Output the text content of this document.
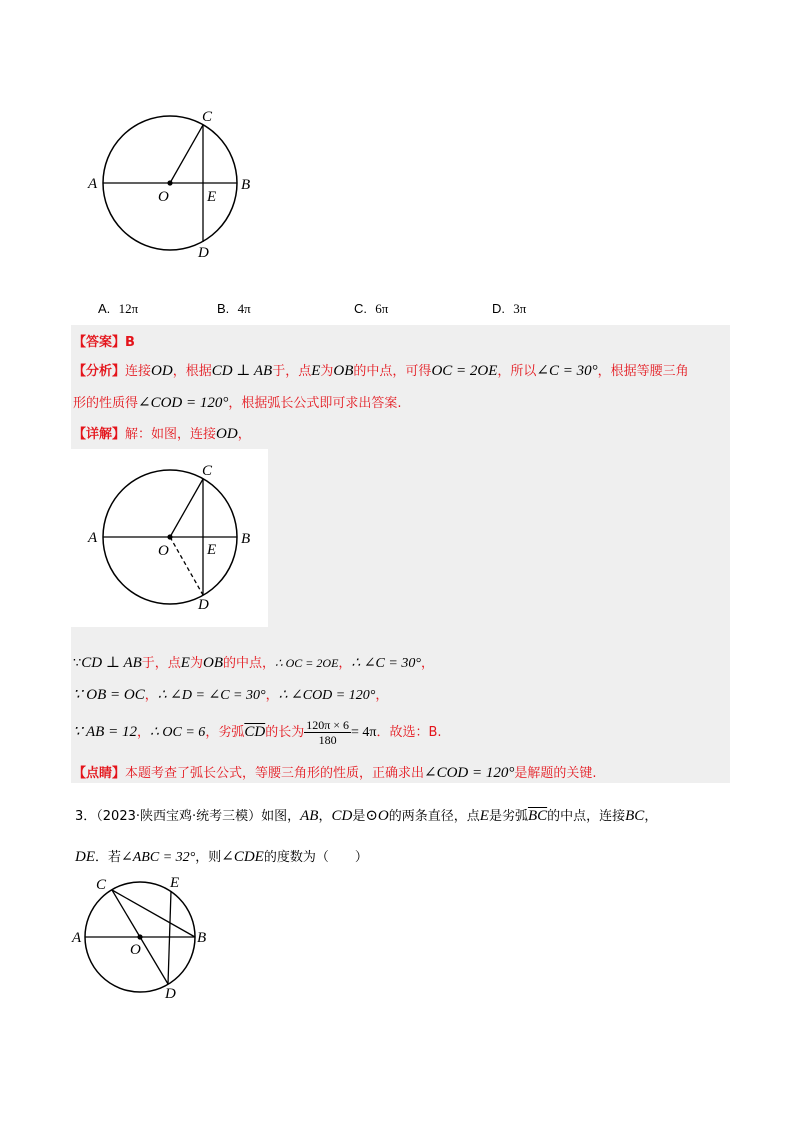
A	B
C
D
O	E
A. 12π	B. 4π	C. 6π	D. 3π
【答案】B
【分析】连接OD，根据CD ⊥ AB于，点E为OB的中点，可得OC = 2OE，所以∠C = 30°，根据等腰三角
形的性质得∠COD = 120°，根据弧长公式即可求出答案.
【详解】解：如图，连接OD，
A	B
C
D
O	E
∵CD ⊥ AB于，点E为OB的中点，∴ OC = 2OE，∴ ∠C = 30°，
∵ OB = OC，∴ ∠D = ∠C = 30°，∴ ∠COD = 120°，
∵ AB = 12，∴ OC = 6，劣弧$\overline{CD}$的长为 $\frac{120\pi \times 6}{180} = 4\pi$．故选：B.
【点睛】本题考查了弧长公式，等腰三角形的性质，正确求出∠COD = 120°是解题的关键.
3．（2023·陕西宝鸡·统考三模）如图，AB，CD是⊙O的两条直径，点E是劣弧$\overline{BC}$的中点，连接BC，
DE．若∠ABC = 32°，则∠CDE的度数为（　　）
A	B
C
D
O
E
